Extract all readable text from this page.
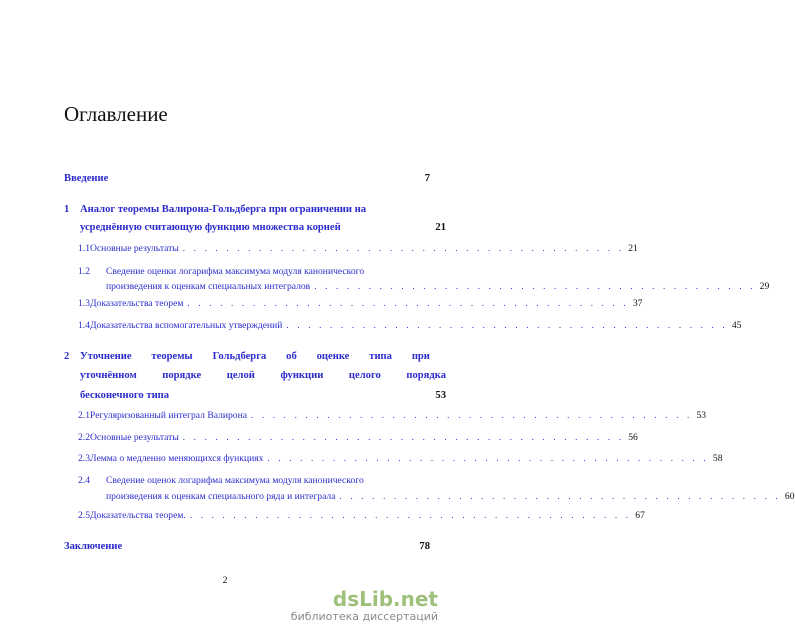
Оглавление
Введение	7
1	Аналог теоремы Валирона-Гольдберга при ограничении на
усреднённую считающую функцию множества корней	21
1.1 Основные результаты . . . . . . . . . . . . . . . . . . . . . . . . . . . . . . . . . . . . . . . . . 21
1.2	Сведение оценки логарифма максимума модуля канонического
произведения к оценкам специальных интегралов . . . . . . . . . . . . . . . . . . . . . . . . . . . . . . . . . . . . . . . . . 29
1.3 Доказательства теорем . . . . . . . . . . . . . . . . . . . . . . . . . . . . . . . . . . . . . . . . . 37
1.4 Доказательства вспомогательных утверждений . . . . . . . . . . . . . . . . . . . . . . . . . . . . . . . . . . . . . . . . . 45
2	Уточнение теоремы Гольдберга об оценке типа при
уточнённом порядке целой функции целого порядка
бесконечного типа	53
2.1 Регуляризованный интеграл Валирона . . . . . . . . . . . . . . . . . . . . . . . . . . . . . . . . . . . . . . . . . 53
2.2 Основные результаты . . . . . . . . . . . . . . . . . . . . . . . . . . . . . . . . . . . . . . . . . 56
2.3 Лемма о медленно меняющихся функциях . . . . . . . . . . . . . . . . . . . . . . . . . . . . . . . . . . . . . . . . . 58
2.4	Сведение оценок логарифма максимума модуля канонического
произведения к оценкам специального ряда и интеграла . . . . . . . . . . . . . . . . . . . . . . . . . . . . . . . . . . . . . . . . . 60
2.5 Доказательства теорем. . . . . . . . . . . . . . . . . . . . . . . . . . . . . . . . . . . . . . . . . . 67
Заключение	78
2
dsLib.net
библиотека диссертаций
